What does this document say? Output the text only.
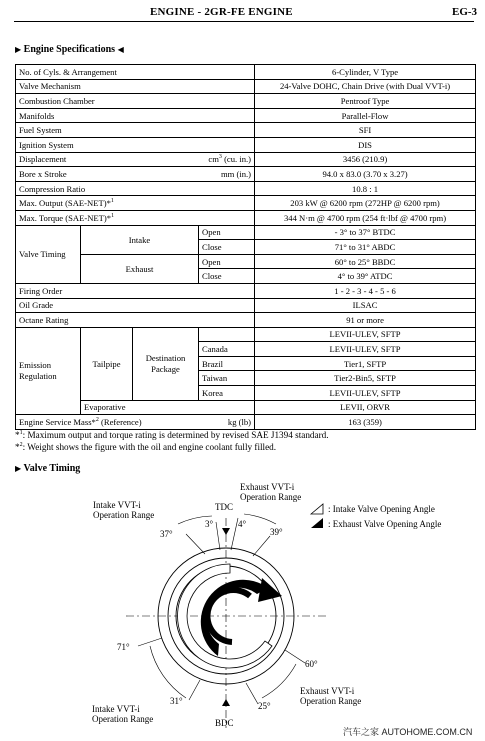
ENGINE - 2GR-FE ENGINE	EG-3
▶ Engine Specifications ◀
No. of Cyls. & Arrangement				6-Cylinder, V Type
Valve Mechanism				24-Valve DOHC, Chain Drive (with Dual VVT-i)
Combustion Chamber				Pentroof Type
Manifolds				Parallel-Flow
Fuel System				SFI
Ignition System				DIS
Displacement $cm^3$ (cu. in.)				3456 (210.9)
Bore x Stroke mm (in.)				94.0 x 83.0 (3.70 x 3.27)
Compression Ratio				10.8 : 1
Max. Output (SAE-NET)*$^1$				203 kW @ 6200 rpm (272HP @ 6200 rpm)
Max. Torque (SAE-NET)*$^1$				344 N·m @ 4700 rpm (254 ft·lbf @ 4700 rpm)
Valve Timing	Intake		Open	- 3° to 37° BTDC
			Close	71° to 31° ABDC
	Exhaust		Open	60° to 25° BBDC
			Close	4° to 39° ATDC
Firing Order				1 - 2 - 3 - 4 - 5 - 6
Oil Grade				ILSAC
Octane Rating				91 or more
Emission Regulation	Tailpipe	Destination Package		LEVII-ULEV, SFTP
			Canada	LEVII-ULEV, SFTP
			Brazil	Tier1, SFTP
			Taiwan	Tier2-Bin5, SFTP
			Korea	LEVII-ULEV, SFTP
	Evaporative			LEVII, ORVR
Engine Service Mass*$^2$ (Reference) kg (lb)				163 (359)
*$^1$: Maximum output and torque rating is determined by revised SAE J1394 standard.
*$^2$: Weight shows the figure with the oil and engine coolant fully filled.
▶ Valve Timing
TDC
BDC
Intake VVT-i
Operation Range
Exhaust VVT-i
Operation Range
Intake VVT-i
Operation Range
Exhaust VVT-i
Operation Range
3°	4°
37°	39°
71°
31°
60°
25°
: Intake Valve Opening Angle
: Exhaust Valve Opening Angle
汽车之家 AUTOHOME.COM.CN
